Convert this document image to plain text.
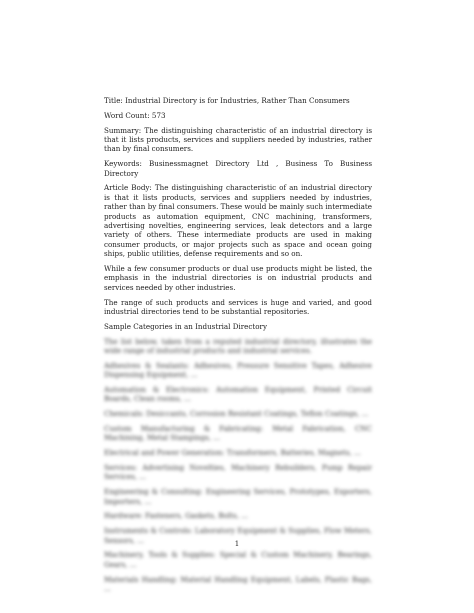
Title: Industrial Directory is for Industries, Rather Than Consumers

Word Count: 573

Summary: The distinguishing characteristic of an industrial directory is that it lists products, services and suppliers needed by industries, rather than by final consumers.

Keywords: Businessmagnet Directory Ltd , Business To Business Directory

Article Body: The distinguishing characteristic of an industrial directory is that it lists products, services and suppliers needed by industries, rather than by final consumers. These would be mainly such intermediate products as automation equipment, CNC machining, transformers, advertising novelties, engineering services, leak detectors and a large variety of others. These intermediate products are used in making consumer products, or major projects such as space and ocean going ships, public utilities, defense requirements and so on.

While a few consumer products or dual use products might be listed, the emphasis in the industrial directories is on industrial products and services needed by other industries.

The range of such products and services is huge and varied, and good industrial directories tend to be substantial repositories.

Sample Categories in an Industrial Directory

The list below, taken from a reputed industrial directory, illustrates the wide range of industrial products and industrial services.

Adhesives & Sealants: Adhesives, Pressure Sensitive Tapes, Adhesive Dispensing Equipment, ...

Automation & Electronics: Automation Equipment, Printed Circuit Boards, Clean rooms, ...

Chemicals: Desiccants, Corrosion Resistant Coatings, Teflon Coatings, ...

Custom Manufacturing & Fabricating: Metal Fabrication, CNC Machining, Metal Stampings, ...

Electrical and Power Generation: Transformers, Batteries, Magnets, ...

Services: Advertising Novelties, Machinery Rebuilders, Pump Repair Services, ...

Engineering & Consulting: Engineering Services, Prototypes, Exporters, Importers, ...

Hardware: Fasteners, Gaskets, Bolts, ...

Instruments & Controls: Laboratory Equipment & Supplies, Flow Meters, Sensors, ...

Machinery, Tools & Supplies: Special & Custom Machinery, Bearings, Gears, ...

Materials Handling: Material Handling Equipment, Labels, Plastic Bags, ...

1
